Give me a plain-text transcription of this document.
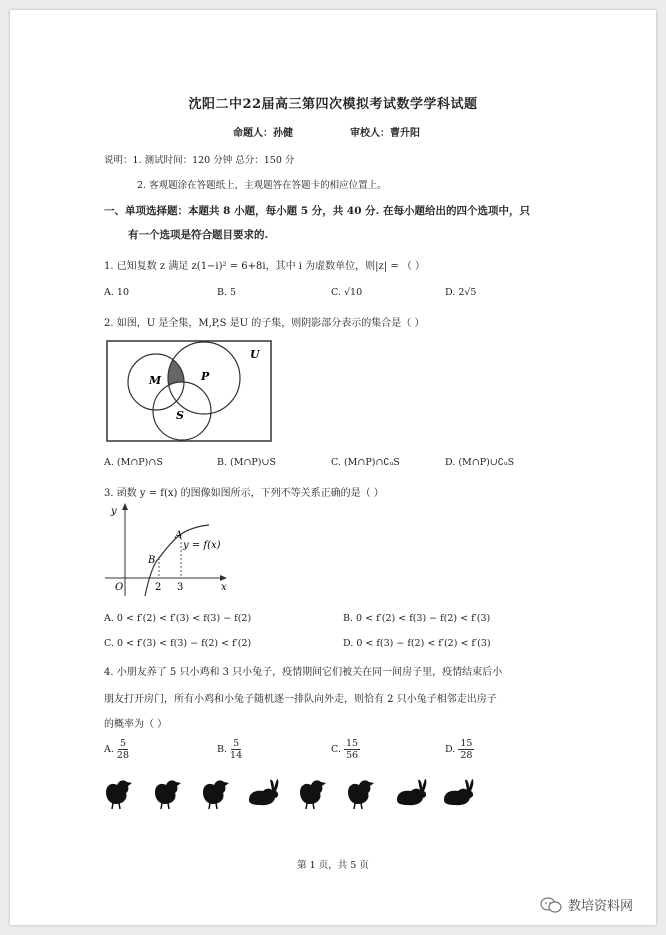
沈阳二中22届高三第四次模拟考试数学学科试题
命题人：孙健	审校人：曹升阳
说明：1. 测试时间：120 分钟 总分：150 分
2. 客观题涂在答题纸上，主观题答在答题卡的相应位置上。
一、单项选择题：本题共 8 小题，每小题 5 分，共 40 分. 在每小题给出的四个选项中，只
有一个选项是符合题目要求的.
1. 已知复数 z 满足 z(1−i)² = 6+8i，其中 i 为虚数单位，则|z| = （ ）
A. 10	B. 5	C. √10	D. 2√5
2. 如图，U 是全集，M,P,S 是U 的子集，则阴影部分表示的集合是（ ）
U
M	P
S
A. (M∩P)∩S	B. (M∩P)∪S	C. (M∩P)∩∁ᵤS	D. (M∩P)∪∁ᵤS
3. 函数 y = f(x) 的图像如图所示，下列不等关系正确的是（ ）
y
x
O
B
A
2 3
y = f(x)
A. 0 < f′(2) < f′(3) < f(3) − f(2)	B. 0 < f′(2) < f(3) − f(2) < f′(3)
C. 0 < f′(3) < f(3) − f(2) < f′(2)	D. 0 < f(3) − f(2) < f′(2) < f′(3)
4. 小朋友养了 5 只小鸡和 3 只小兔子，疫情期间它们被关在同一间房子里，疫情结束后小
朋友打开房门，所有小鸡和小兔子随机逐一排队向外走，则恰有 2 只小兔子相邻走出房子
的概率为（ ）
A. $\frac{5}{28}$	B. $\frac{5}{14}$	C. $\frac{15}{56}$	D. $\frac{15}{28}$
第 1 页，共 5 页
教培资料网
